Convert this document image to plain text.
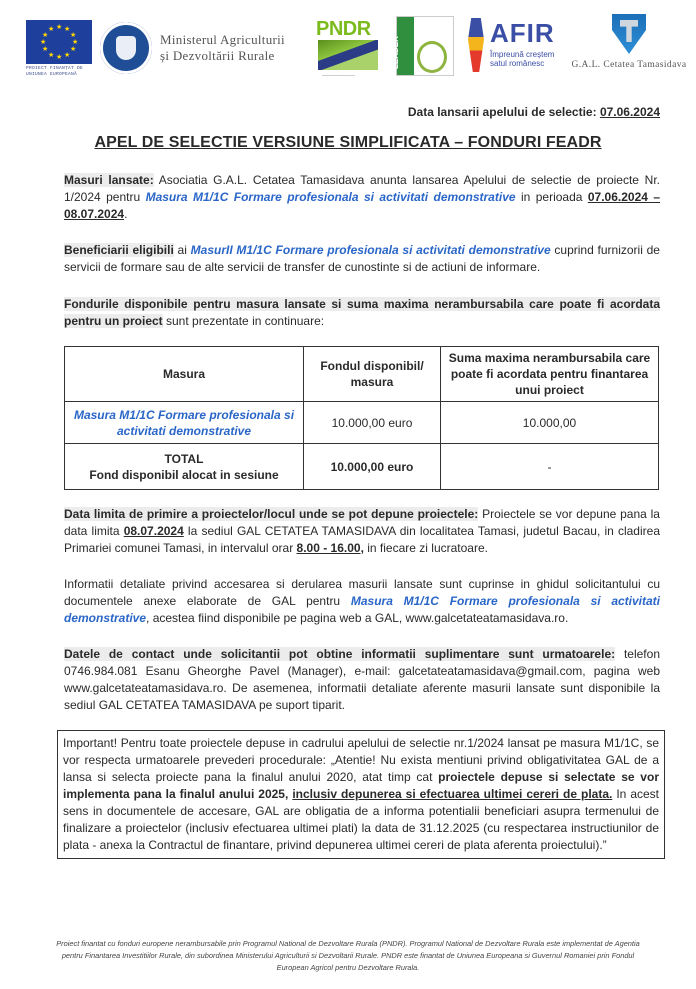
★ ★
★
★
★
★
★
★
★
★
★
★
PROIECT FINANȚAT DE
UNIUNEA EUROPEANĂ
Ministerul Agriculturii
și Dezvoltării Rurale
PNDR
_________________
LEADER
AFIR
Împreună creștem
satul românesc	G.A.L. Cetatea Tamasidava
Data lansarii apelului de selectie: 07.06.2024
APEL DE SELECTIE VERSIUNE SIMPLIFICATA – FONDURI FEADR
Masuri lansate: Asociatia G.A.L. Cetatea Tamasidava anunta lansarea Apelului de selectie de proiecte Nr. 1/2024 pentru Masura M1/1C Formare profesionala si activitati demonstrative in perioada 07.06.2024 – 08.07.2024.
Beneficiarii eligibili ai MasurII M1/1C Formare profesionala si activitati demonstrative cuprind furnizorii de servicii de formare sau de alte servicii de transfer de cunostinte si de actiuni de informare.
Fondurile disponibile pentru masura lansate si suma maxima nerambursabila care poate fi acordata pentru un proiect sunt prezentate in continuare:
Masura	Fondul disponibil/ masura	Suma maxima nerambursabila care poate fi acordata pentru finantarea unui proiect
Masura M1/1C Formare profesionala si activitati demonstrative	10.000,00 euro	10.000,00

TOTAL
Fond disponibil alocat in sesiune	10.000,00 euro	-
Data limita de primire a proiectelor/locul unde se pot depune proiectele: Proiectele se vor depune pana la data limita 08.07.2024 la sediul GAL CETATEA TAMASIDAVA din localitatea Tamasi, judetul Bacau, in cladirea Primariei comunei Tamasi, in intervalul orar 8.00 - 16.00, in fiecare zi lucratoare.
Informatii detaliate privind accesarea si derularea masurii lansate sunt cuprinse in ghidul solicitantului cu documentele anexe elaborate de GAL pentru Masura M1/1C Formare profesionala si activitati demonstrative, acestea fiind disponibile pe pagina web a GAL, www.galcetateatamasidava.ro.
Datele de contact unde solicitantii pot obtine informatii suplimentare sunt urmatoarele: telefon 0746.984.081 Esanu Gheorghe Pavel (Manager), e-mail: galcetateatamasidava@gmail.com, pagina web www.galcetateatamasidava.ro. De asemenea, informatii detaliate aferente masurii lansate sunt disponibile la sediul GAL CETATEA TAMASIDAVA pe suport tiparit.
Important! Pentru toate proiectele depuse in cadrului apelului de selectie nr.1/2024 lansat pe masura M1/1C, se vor respecta urmatoarele prevederi procedurale: „Atentie! Nu exista mentiuni privind obligativitatea GAL de a lansa si selecta proiecte pana la finalul anului 2020, atat timp cat proiectele depuse si selectate se vor implementa pana la finalul anului 2025, inclusiv depunerea si efectuarea ultimei cereri de plata. In acest sens in documentele de accesare, GAL are obligatia de a informa potentialii beneficiari asupra termenului de finalizare a proiectelor (inclusiv efectuarea ultimei plati) la data de 31.12.2025 (cu respectarea instructiunilor de plata - anexa la Contractul de finantare, privind depunerea ultimei cereri de plata aferenta proiectului).”
Proiect finantat cu fonduri europene nerambursabile prin Programul National de Dezvoltare Rurala (PNDR). Programul National de Dezvoltare Rurala este implementat de Agentia pentru Finantarea Investitiilor Rurale, din subordinea Ministerului Agriculturii si Dezvoltarii Rurale. PNDR este finantat de Uniunea Europeana si Guvernul Romaniei prin Fondul European Agricol pentru Dezvoltare Rurala.
